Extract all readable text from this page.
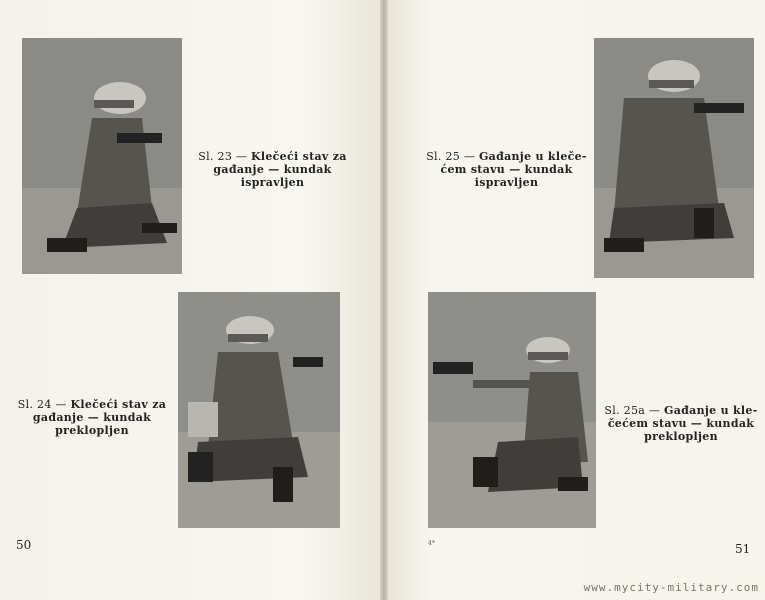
Sl. 23 — Klečeći stav za
gađanje — kundak
ispravljen
Sl. 24 — Klečeći stav za
gađanje — kundak
preklopljen
Sl. 25 — Gađanje u kleče-
ćem stavu — kundak
ispravljen
Sl. 25a — Gađanje u kle-
čećem stavu — kundak
preklopljen
50	51
4*
www.mycity-military.com
